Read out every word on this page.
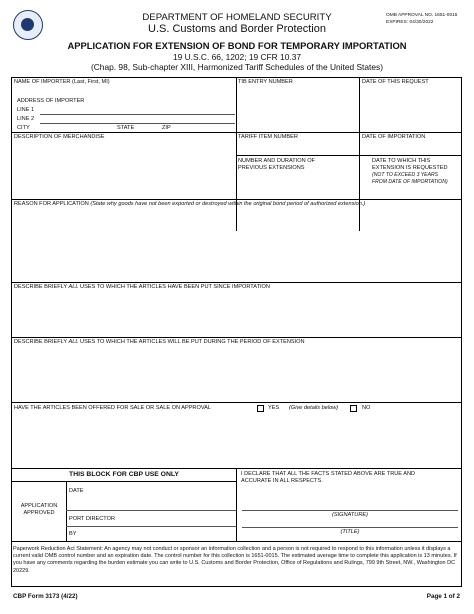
DEPARTMENT OF HOMELAND SECURITY
U.S. Customs and Border Protection
OMB APPROVAL NO. 1651-0015
EXPIRES: 04/30/2022
APPLICATION FOR EXTENSION OF BOND FOR TEMPORARY IMPORTATION
19 U.S.C. 66, 1202; 19 CFR 10.37
(Chap. 98, Sub-chapter XIII, Harmonized Tariff Schedules of the United States)
NAME OF IMPORTER (Last, First, MI)	TIB ENTRY NUMBER	DATE OF THIS REQUEST
ADDRESS OF IMPORTER
LINE 1
LINE 2
CITY	STATE	ZIP
DESCRIPTION OF MERCHANDISE	TARIFF ITEM NUMBER	DATE OF IMPORTATION
NUMBER AND DURATION OF
PREVIOUS EXTENSIONS
DATE TO WHICH THIS
EXTENSION IS REQUESTED
(NOT TO EXCEED 3 YEARS
FROM DATE OF IMPORTATION)
REASON FOR APPLICATION (State why goods have not been exported or destroyed within the original bond period of authorized extension.)
DESCRIBE BRIEFLY ALL USES TO WHICH THE ARTICLES HAVE BEEN PUT SINCE IMPORTATION
DESCRIBE BRIEFLY ALL USES TO WHICH THE ARTICLES WILL BE PUT DURING THE PERIOD OF EXTENSION
HAVE THE ARTICLES BEEN OFFERED FOR SALE OR SALE ON APPROVAL	YES (Give details below)	NO
THIS BLOCK FOR CBP USE ONLY
APPLICATION
APPROVED
DATE
PORT DIRECTOR
BY
I DECLARE THAT ALL THE FACTS STATED ABOVE ARE TRUE AND
ACCURATE IN ALL RESPECTS.
(SIGNATURE)
(TITLE)
Paperwork Reduction Act Statement: An agency may not conduct or sponsor an information collection and a person is not required to respond to this information unless it displays a current valid OMB control number and an expiration date. The control number for this collection is 1651-0015. The estimated average time to complete this application is 13 minutes. If you have any comments regarding the burden estimate you can write to U.S. Customs and Border Protection, Office of Regulations and Rulings, 799 9th Street, NW., Washington DC 20229.
CBP Form 3173 (4/22)	Page 1 of 2
